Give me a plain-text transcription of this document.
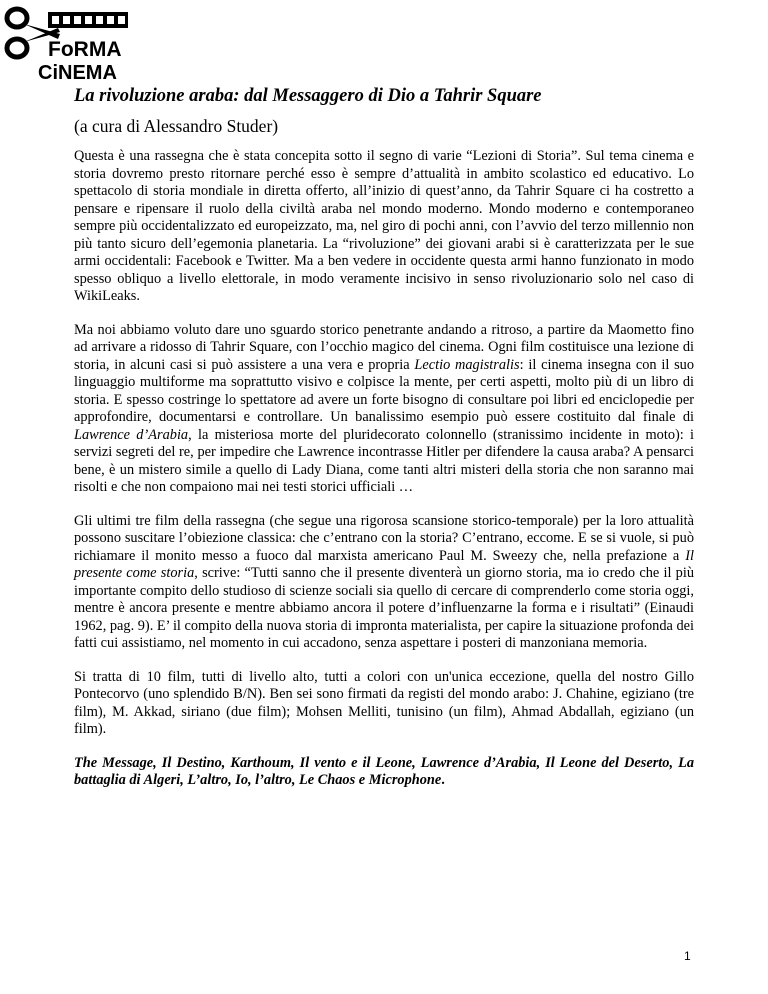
FoRMA
CiNEMA
La rivoluzione araba: dal Messaggero di Dio a Tahrir Square

(a cura di Alessandro Studer)

Questa è una rassegna che è stata concepita sotto il segno di varie “Lezioni di Storia”. Sul tema cinema e storia dovremo presto ritornare perché esso è sempre d’attualità in ambito scolastico ed educativo. Lo spettacolo di storia mondiale in diretta offerto, all’inizio di quest’anno, da Tahrir Square ci ha costretto a pensare e ripensare il ruolo della civiltà araba nel mondo moderno. Mondo moderno e contemporaneo sempre più occidentalizzato ed europeizzato, ma, nel giro di pochi anni, con l’avvio del terzo millennio non più tanto sicuro dell’egemonia planetaria. La “rivoluzione” dei giovani arabi si è caratterizzata per le sue armi occidentali: Facebook e Twitter. Ma a ben vedere in occidente questa armi hanno funzionato in modo spesso obliquo a livello elettorale, in modo veramente incisivo in senso rivoluzionario solo nel caso di WikiLeaks.

Ma noi abbiamo voluto dare uno sguardo storico penetrante andando a ritroso, a partire da Maometto fino ad arrivare a ridosso di Tahrir Square, con l’occhio magico del cinema. Ogni film costituisce una lezione di storia, in alcuni casi si può assistere a una vera e propria Lectio magistralis: il cinema insegna con il suo linguaggio multiforme ma soprattutto visivo e colpisce la mente, per certi aspetti, molto più di un libro di storia. E spesso costringe lo spettatore ad avere un forte bisogno di consultare poi libri ed enciclopedie per approfondire, documentarsi e controllare. Un banalissimo esempio può essere costituito dal finale di Lawrence d’Arabia, la misteriosa morte del pluridecorato colonnello (stranissimo incidente in moto): i servizi segreti del re, per impedire che Lawrence incontrasse Hitler per difendere la causa araba? A pensarci bene, è un mistero simile a quello di Lady Diana, come tanti altri misteri della storia che non saranno mai risolti e che non compaiono mai nei testi storici ufficiali …

Gli ultimi tre film della rassegna (che segue una rigorosa scansione storico-temporale) per la loro attualità possono suscitare l’obiezione classica: che c’entrano con la storia? C’entrano, eccome. E se si vuole, si può richiamare il monito messo a fuoco dal marxista americano Paul M. Sweezy che, nella prefazione a Il presente come storia, scrive: “Tutti sanno che il presente diventerà un giorno storia, ma io credo che il più importante compito dello studioso di scienze sociali sia quello di cercare di comprenderlo come storia oggi, mentre è ancora presente e mentre abbiamo ancora il potere d’influenzarne la forma e i risultati” (Einaudi 1962, pag. 9). E’ il compito della nuova storia di impronta materialista, per capire la situazione profonda dei fatti cui assistiamo, nel momento in cui accadono, senza aspettare i posteri di manzoniana memoria.

Si tratta di 10 film, tutti di livello alto, tutti a colori con un'unica eccezione, quella del nostro Gillo Pontecorvo (uno splendido B/N). Ben sei sono firmati da registi del mondo arabo: J. Chahine, egiziano (tre film), M. Akkad, siriano (due film); Mohsen Melliti, tunisino (un film), Ahmad Abdallah, egiziano (un film).

The Message, Il Destino, Karthoum, Il vento e il Leone, Lawrence d’Arabia, Il Leone del Deserto, La battaglia di Algeri, L’altro, Io, l’altro, Le Chaos e Microphone.

1
